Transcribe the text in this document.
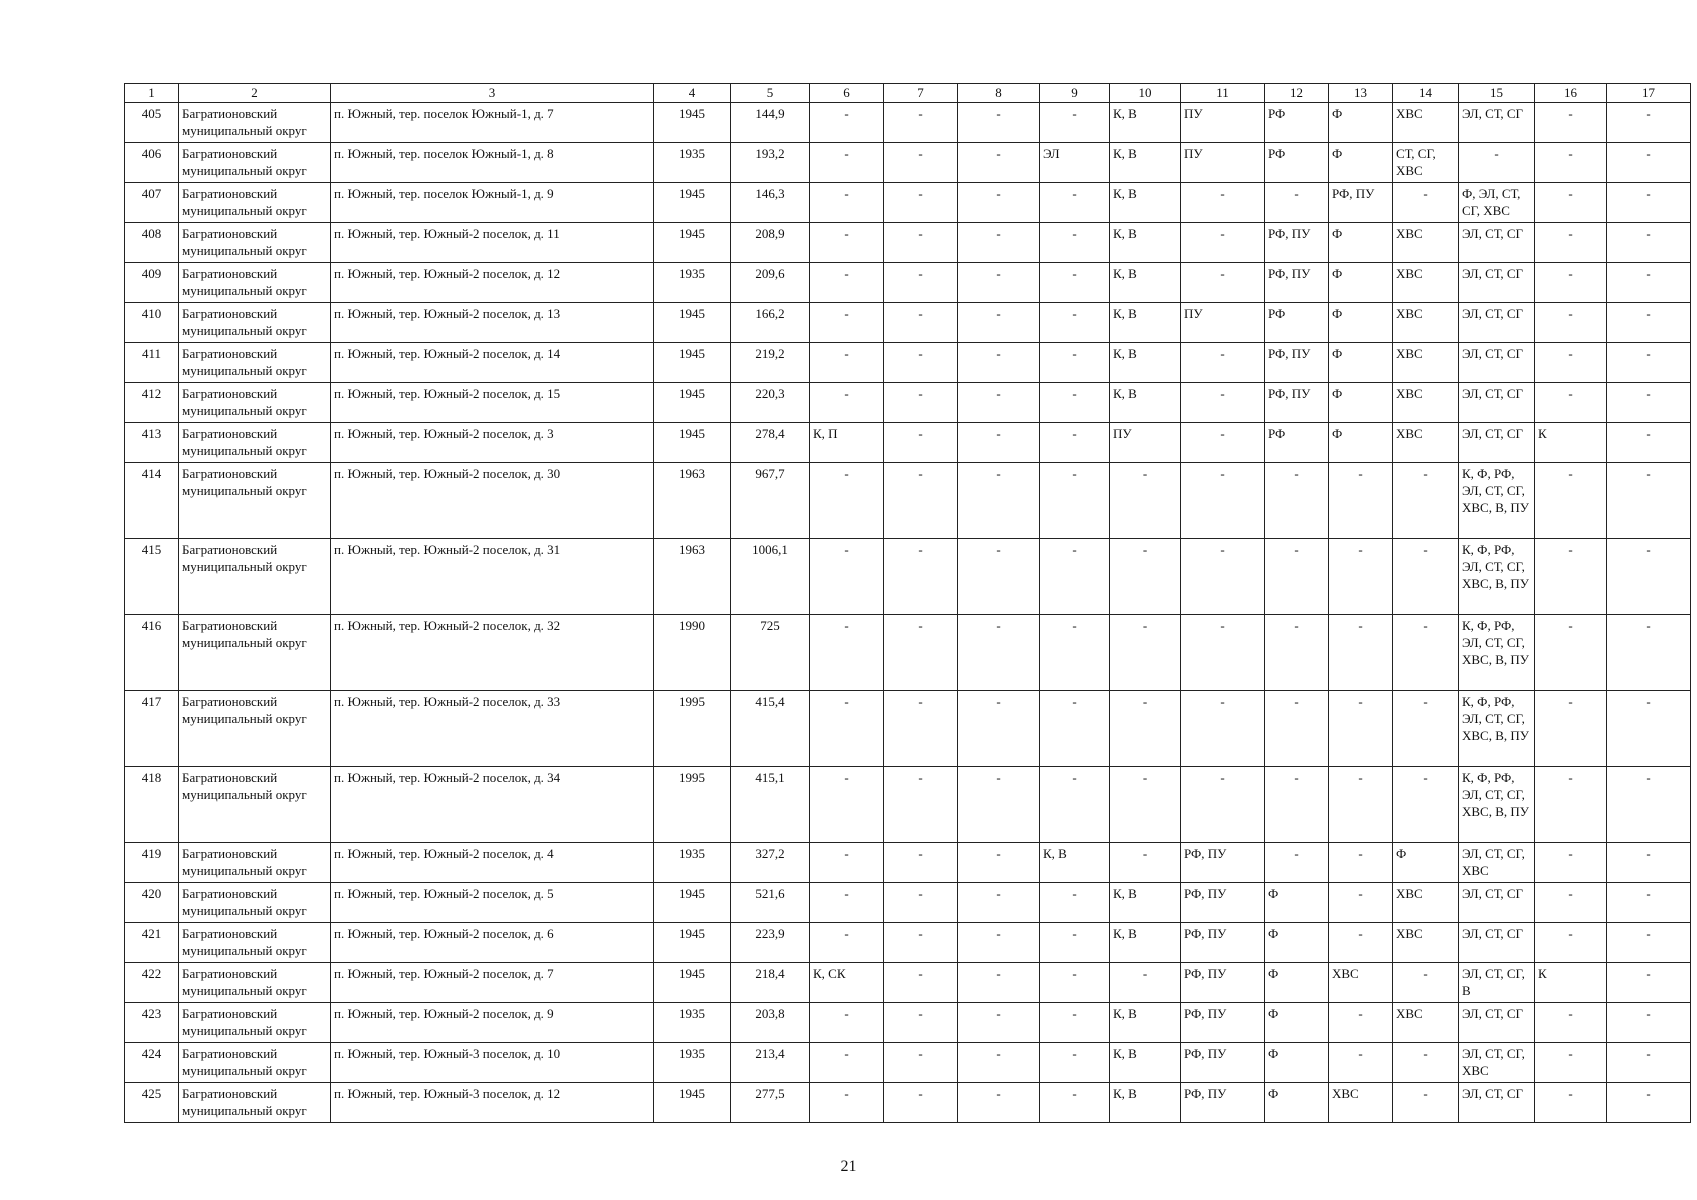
1	2	3	4	5	6	7	8	9	10	11	12	13	14	15	16	17
405	Багратионовский муниципальный округ	п. Южный, тер. поселок Южный-1, д. 7	1945	144,9	-	-	-	-	К, В	ПУ	РФ	Ф	ХВС	ЭЛ, СТ, СГ	-	-
406	Багратионовский муниципальный округ	п. Южный, тер. поселок Южный-1, д. 8	1935	193,2	-	-	-	ЭЛ	К, В	ПУ	РФ	Ф	СТ, СГ, ХВС	-	-	-
407	Багратионовский муниципальный округ	п. Южный, тер. поселок Южный-1, д. 9	1945	146,3	-	-	-	-	К, В	-	-	РФ, ПУ	-	Ф, ЭЛ, СТ, СГ, ХВС	-	-
408	Багратионовский муниципальный округ	п. Южный, тер. Южный-2 поселок, д. 11	1945	208,9	-	-	-	-	К, В	-	РФ, ПУ	Ф	ХВС	ЭЛ, СТ, СГ	-	-
409	Багратионовский муниципальный округ	п. Южный, тер. Южный-2 поселок, д. 12	1935	209,6	-	-	-	-	К, В	-	РФ, ПУ	Ф	ХВС	ЭЛ, СТ, СГ	-	-
410	Багратионовский муниципальный округ	п. Южный, тер. Южный-2 поселок, д. 13	1945	166,2	-	-	-	-	К, В	ПУ	РФ	Ф	ХВС	ЭЛ, СТ, СГ	-	-
411	Багратионовский муниципальный округ	п. Южный, тер. Южный-2 поселок, д. 14	1945	219,2	-	-	-	-	К, В	-	РФ, ПУ	Ф	ХВС	ЭЛ, СТ, СГ	-	-
412	Багратионовский муниципальный округ	п. Южный, тер. Южный-2 поселок, д. 15	1945	220,3	-	-	-	-	К, В	-	РФ, ПУ	Ф	ХВС	ЭЛ, СТ, СГ	-	-
413	Багратионовский муниципальный округ	п. Южный, тер. Южный-2 поселок, д. 3	1945	278,4	К, П	-	-	-	ПУ	-	РФ	Ф	ХВС	ЭЛ, СТ, СГ	К	-
414	Багратионовский муниципальный округ	п. Южный, тер. Южный-2 поселок, д. 30	1963	967,7	-	-	-	-	-	-	-	-	-	К, Ф, РФ, ЭЛ, СТ, СГ, ХВС, В, ПУ	-	-
415	Багратионовский муниципальный округ	п. Южный, тер. Южный-2 поселок, д. 31	1963	1006,1	-	-	-	-	-	-	-	-	-	К, Ф, РФ, ЭЛ, СТ, СГ, ХВС, В, ПУ	-	-
416	Багратионовский муниципальный округ	п. Южный, тер. Южный-2 поселок, д. 32	1990	725	-	-	-	-	-	-	-	-	-	К, Ф, РФ, ЭЛ, СТ, СГ, ХВС, В, ПУ	-	-
417	Багратионовский муниципальный округ	п. Южный, тер. Южный-2 поселок, д. 33	1995	415,4	-	-	-	-	-	-	-	-	-	К, Ф, РФ, ЭЛ, СТ, СГ, ХВС, В, ПУ	-	-
418	Багратионовский муниципальный округ	п. Южный, тер. Южный-2 поселок, д. 34	1995	415,1	-	-	-	-	-	-	-	-	-	К, Ф, РФ, ЭЛ, СТ, СГ, ХВС, В, ПУ	-	-
419	Багратионовский муниципальный округ	п. Южный, тер. Южный-2 поселок, д. 4	1935	327,2	-	-	-	К, В	-	РФ, ПУ	-	-	Ф	ЭЛ, СТ, СГ, ХВС	-	-
420	Багратионовский муниципальный округ	п. Южный, тер. Южный-2 поселок, д. 5	1945	521,6	-	-	-	-	К, В	РФ, ПУ	Ф	-	ХВС	ЭЛ, СТ, СГ	-	-
421	Багратионовский муниципальный округ	п. Южный, тер. Южный-2 поселок, д. 6	1945	223,9	-	-	-	-	К, В	РФ, ПУ	Ф	-	ХВС	ЭЛ, СТ, СГ	-	-
422	Багратионовский муниципальный округ	п. Южный, тер. Южный-2 поселок, д. 7	1945	218,4	К, СК	-	-	-	-	РФ, ПУ	Ф	ХВС	-	ЭЛ, СТ, СГ, В	К	-
423	Багратионовский муниципальный округ	п. Южный, тер. Южный-2 поселок, д. 9	1935	203,8	-	-	-	-	К, В	РФ, ПУ	Ф	-	ХВС	ЭЛ, СТ, СГ	-	-
424	Багратионовский муниципальный округ	п. Южный, тер. Южный-3 поселок, д. 10	1935	213,4	-	-	-	-	К, В	РФ, ПУ	Ф	-	-	ЭЛ, СТ, СГ, ХВС	-	-
425	Багратионовский муниципальный округ	п. Южный, тер. Южный-3 поселок, д. 12	1945	277,5	-	-	-	-	К, В	РФ, ПУ	Ф	ХВС	-	ЭЛ, СТ, СГ	-	-
21
